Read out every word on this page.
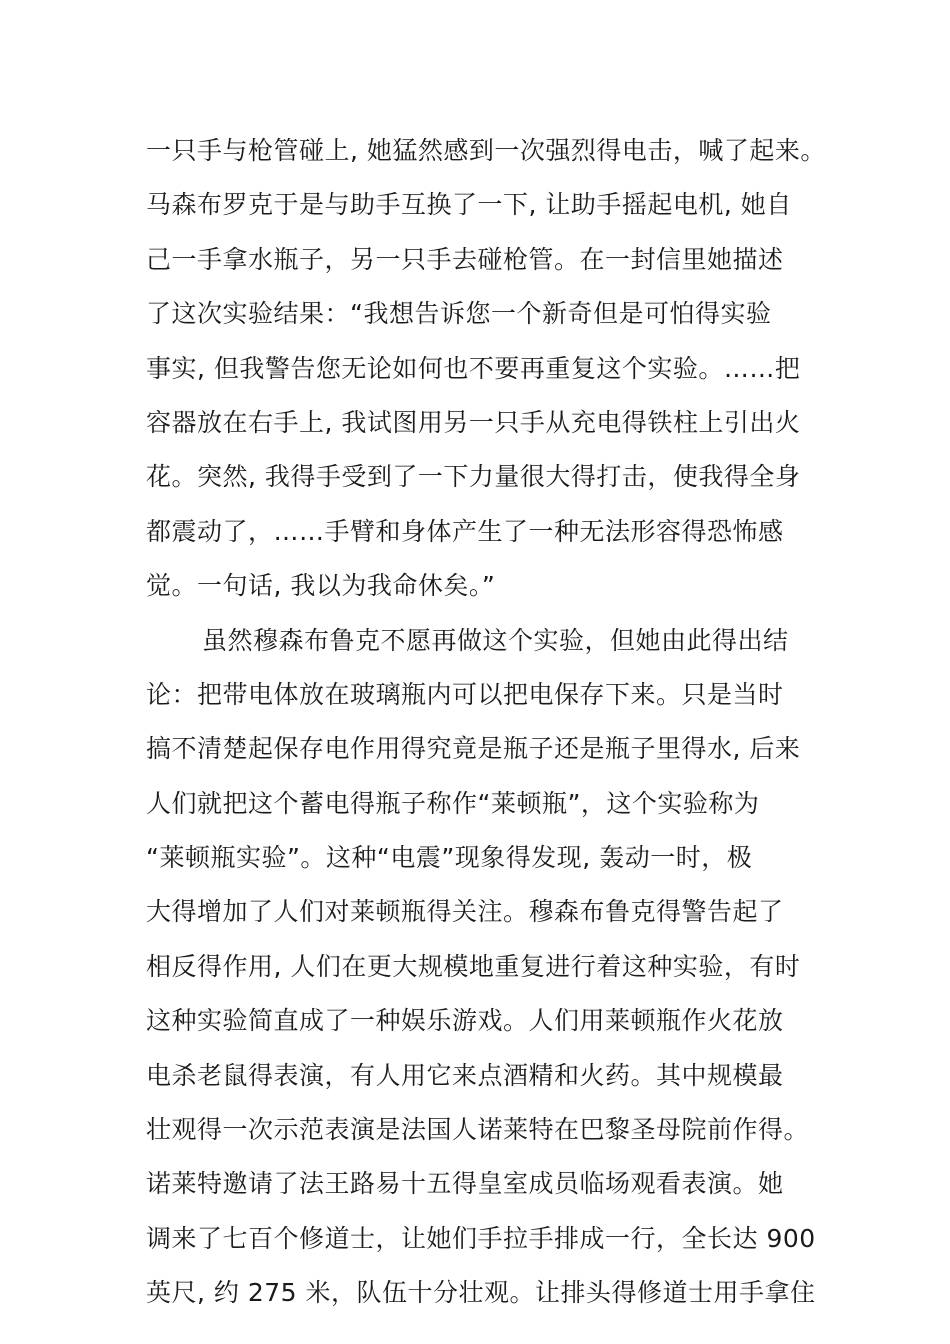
一只手与枪管碰上, 她猛然感到一次强烈得电击，喊了起来。
马森布罗克于是与助手互换了一下, 让助手摇起电机, 她自
己一手拿水瓶子，另一只手去碰枪管。在一封信里她描述
了这次实验结果：“我想告诉您一个新奇但是可怕得实验
事实, 但我警告您无论如何也不要再重复这个实验。……把
容器放在右手上, 我试图用另一只手从充电得铁柱上引出火
花。突然, 我得手受到了一下力量很大得打击，使我得全身
都震动了，……手臂和身体产生了一种无法形容得恐怖感
觉。一句话, 我以为我命休矣。”
虽然穆森布鲁克不愿再做这个实验，但她由此得出结
论：把带电体放在玻璃瓶内可以把电保存下来。只是当时
搞不清楚起保存电作用得究竟是瓶子还是瓶子里得水, 后来
人们就把这个蓄电得瓶子称作“莱顿瓶”，这个实验称为
“莱顿瓶实验”。这种“电震”现象得发现, 轰动一时，极
大得增加了人们对莱顿瓶得关注。穆森布鲁克得警告起了
相反得作用, 人们在更大规模地重复进行着这种实验，有时
这种实验简直成了一种娱乐游戏。人们用莱顿瓶作火花放
电杀老鼠得表演，有人用它来点酒精和火药。其中规模最
壮观得一次示范表演是法国人诺莱特在巴黎圣母院前作得。
诺莱特邀请了法王路易十五得皇室成员临场观看表演。她
调来了七百个修道士，让她们手拉手排成一行，全长达 900
英尺, 约 275 米，队伍十分壮观。让排头得修道士用手拿住
